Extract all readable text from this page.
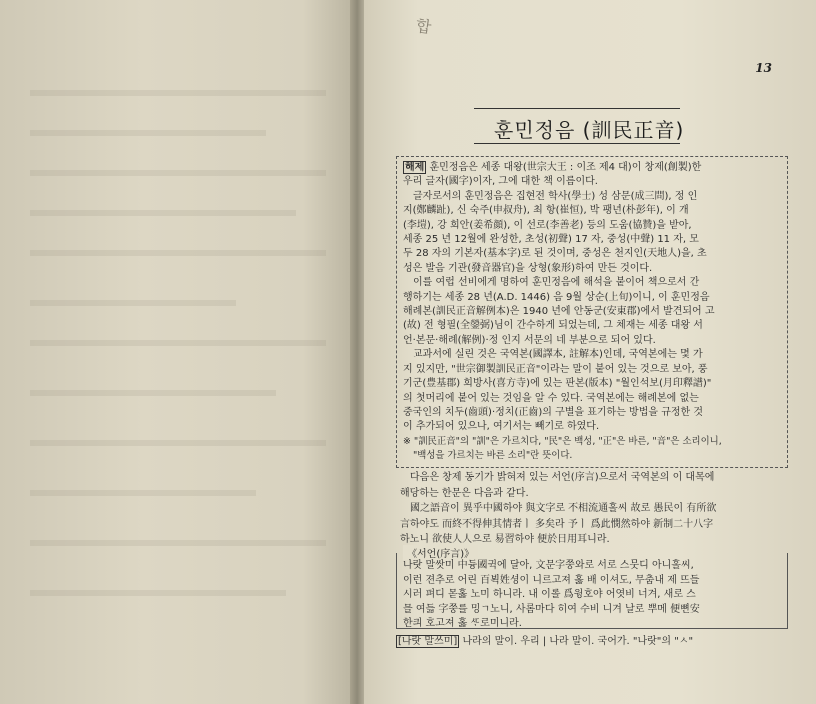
합
13
훈민정음 (訓民正音)
해제 훈민정음은 세종 대왕(世宗大王 : 이조 제4 대)이 창제(創製)한
우리 글자(國字)이자, 그에 대한 책 이름이다.
글자로서의 훈민정음은 집현전 학사(學士) 성 삼문(成三問), 정 인
지(鄭麟趾), 신 숙주(申叔舟), 최 항(崔恒), 박 팽년(朴彭年), 이 개
(李塏), 강 희안(姜希顔), 이 선로(李善老) 등의 도움(協贊)을 받아,
세종 25 년 12월에 완성한, 초성(初聲) 17 자, 중성(中聲) 11 자, 모
두 28 자의 기본자(基本字)로 된 것이며, 중성은 천지인(天地人)을, 초
성은 발음 기관(發音器官)을 상형(象形)하여 만든 것이다.
이를 여럽 선비에게 명하여 훈민정음에 해석을 붙이어 책으로서 간
행하기는 세종 28 년(A.D. 1446) 음 9월 상순(上旬)이니, 이 훈민정음
해례본(訓民正音解例本)은 1940 년에 안동군(安東郡)에서 발견되어 고
(故) 전 형필(全鎣弼)님이 간수하게 되었는데, 그 체재는 세종 대왕 서
언·본문·해례(解例)·정 인지 서문의 네 부분으로 되어 있다.
교과서에 실린 것은 국역본(國譯本, 註解本)인데, 국역본에는 몇 가
지 있지만, "世宗御製訓民正音"이라는 말이 붙어 있는 것으로 보아, 풍
기군(豊基郡) 희방사(喜方寺)에 있는 판본(版本) "월인석보(月印釋譜)"
의 첫머리에 붙어 있는 것임을 알 수 있다. 국역본에는 해례본에 없는
중국인의 치두(齒頭)·정치(正齒)의 구별을 표기하는 방법을 규정한 것
이 추가되어 있으나, 여기서는 빼기로 하였다.
※ "訓民正音"의 "訓"은 가르치다, "民"은 백성, "正"은 바른, "音"은 소리이니,
"백성을 가르치는 바른 소리"란 뜻이다.
다음은 창제 동기가 밝혀져 있는 서언(序言)으로서 국역본의 이 대목에
해당하는 한문은 다음과 같다.
國之語音이 異乎中國하야 與文字로 不相流通홀씨 故로 愚民이 有所欲
言하야도 而終不得伸其情者ㅣ 多矣라 予ㅣ 爲此憫然하야 新制二十八字
하노니 欲使人人으로 易習하야 便於日用耳니라.
《서언(序言)》
나랏 말쌋미 中듕國귁에 달아, 文문字쭝와로 서로 스뭇디 아니홀씨,
이런 젼추로 어린 百뵉姓셩이 니르고져 홇 배 이셔도, 무춤내 제 뜨들
시러 펴디 몯홇 노미 하니라. 내 이롤 爲윙호야 어엿비 너겨, 새로 스
믈 여듧 字쭝를 밍ㄱ노니, 사롬마다 히여 수비 니겨 날로 뿌메 便뼌安
한킈 호고져 홇 ᄯᆞ로미니라.
[나랏 말쓰미] 나라의 말이. 우리 | 나라 말이. 국어가. "나랏"의 "ㅅ"
